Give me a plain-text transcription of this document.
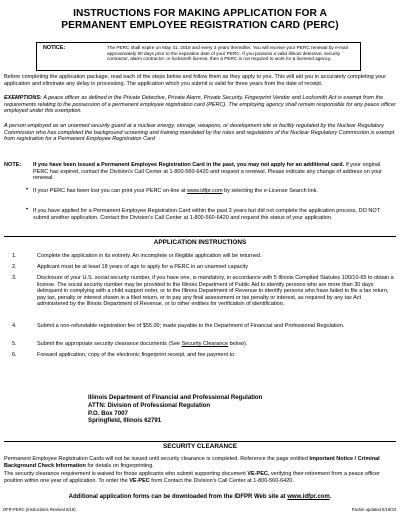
INSTRUCTIONS FOR MAKING APPLICATION FOR A
PERMANENT EMPLOYEE REGISTRATION CARD (PERC)
NOTICE:	The PERC shall expire on May 31, 2018 and every 3 years thereafter. You will receive your PERC renewal by e-mail approximately 90 days prior to the expiration date of your PERC. If you possess a valid Illinois detective, security contractor, alarm contractor, or locksmith license, then a PERC is not required to work for a licensed agency.
Before completing the application package, read each of the steps below and follow them as they apply to you. This will aid you in accurately completing your application and eliminate any delay in processing. The application which you submit is valid for three years from the date of receipt.
EXEMPTIONS: A peace officer as defined in the Private Detective, Private Alarm, Private Security, Fingerprint Vendor and Locksmith Act is exempt from the requirements relating to the possession of a permanent employee registration card (PERC). The employing agency shall remain responsible for any peace officer employed under this exemption.
A person employed as an unarmed security guard at a nuclear energy, storage, weapons, or development site or facility regulated by the Nuclear Regulatory Commission who has completed the background screening and training mandated by the rules and regulations of the Nuclear Regulatory Commission is exempt from registration for a Permanent Employee Registration Card
NOTE: If you have been issued a Permanent Employee Registration Card in the past, you may not apply for an additional card. If your original PERC has expired, contact the Division's Call Center at 1-800-560-6420 and request a renewal. Please indicate any change of address on your renewal.
• If your PERC has been lost you can print your PERC on-line at www.idfpr.com by selecting the e-License Search link.
• If you have applied for a Permanent Employee Registration Card within the past 3 years but did not complete the application process, DO NOT submit another application. Contact the Division's Call Center at 1-800-560-6420 and request the status of your application.
APPLICATION INSTRUCTIONS
1.	Complete the application in its entirety. An incomplete or illegible application will be returned.
2.	Applicant must be at least 18 years of age to apply for a PERC in an unarmed capacity
3.	Disclosure of your U.S. social security number, if you have one, is mandatory, in accordance with 5 Illinois Compiled Statutes 100/10-65 to obtain a license. The social security number may be provided to the Illinois Department of Public Aid to identify persons who are more than 30 days delinquent in complying with a child support order, or to the Illinois Department of Revenue to identify persons who have failed to file a tax return, pay tax, penalty or interest shown in a filed return, or to pay any final assessment or tax penalty or interest, as required by any tax Act administered by the Illinois Department of Revenue, or to other entities for verification of identification.
4.	Submit a non-refundable registration fee of $55.00; made payable to the Department of Financial and Professional Regulation.
5.	Submit the appropriate security clearance documents (See Security Clearance below).
6.	Forward application, copy of the electronic fingerprint receipt, and fee payment to:
Illinois Department of Financial and Professional Regulation
ATTN: Division of Professional Regulation
P.O. Box 7007
Springfield, Illinois 62791
SECURITY CLEARANCE
Permanent Employee Registration Cards will not be issued until security clearance is completed. Reference the page entitled Important Notice / Criminal Background Check Information for details on fingerprinting.
The security clearance requirement is waived for those applicants who submit supporting document VE-PEC, verifying their retirement from a peace officer position within one year of application. To order the VE-PEC form Contact the Division's Call Center at 1-800-560-6420.
Additional application forms can be downloaded from the IDFPR Web site at www.idfpr.com.
DFR-PERC (Instructions Revised 6/18)	Packet updated 5/19/23
